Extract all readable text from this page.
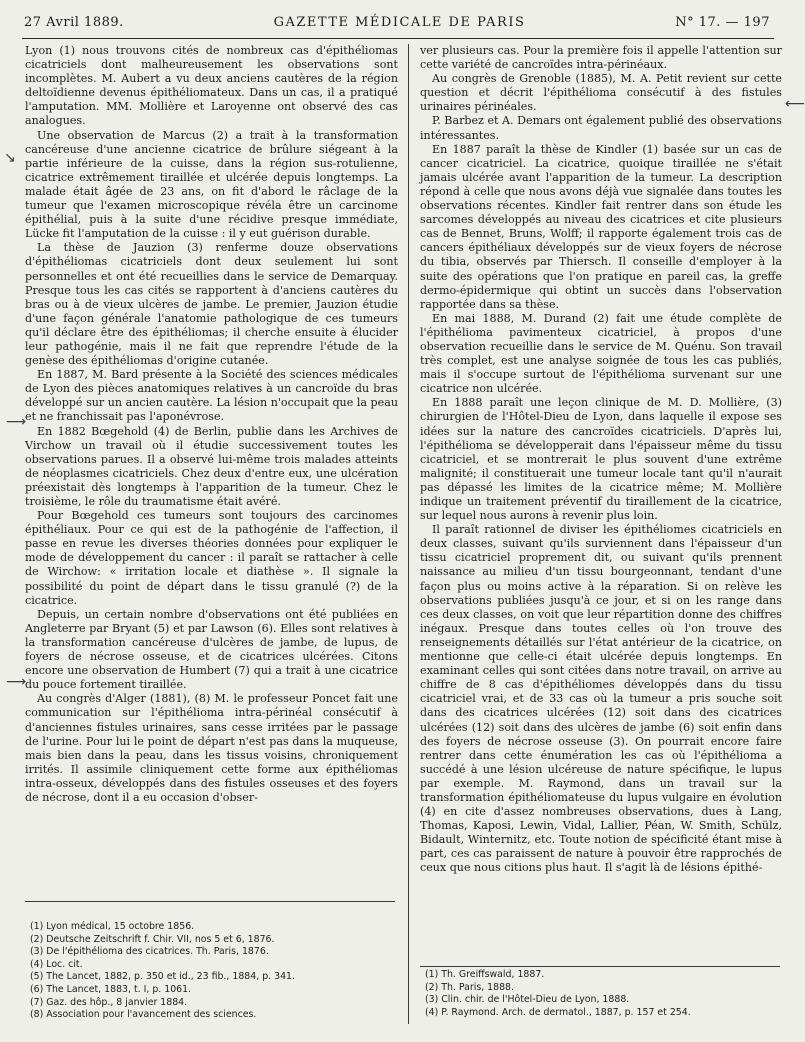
27 Avril 1889.	GAZETTE MÉDICALE DE PARIS	N° 17. — 197

Lyon (1) nous trouvons cités de nombreux cas d'épithéliomas cicatriciels dont malheureusement les observations sont incomplètes. M. Aubert a vu deux anciens cautères de la région deltoïdienne devenus épithéliomateux. Dans un cas, il a pratiqué l'amputation. MM. Mollière et Laroyenne ont observé des cas analogues.

Une observation de Marcus (2) a trait à la transformation cancéreuse d'une ancienne cicatrice de brûlure siégeant à la partie inférieure de la cuisse, dans la région sus-rotulienne, cicatrice extrêmement tiraillée et ulcérée depuis longtemps. La malade était âgée de 23 ans, on fit d'abord le râclage de la tumeur que l'examen microscopique révéla être un carcinome épithélial, puis à la suite d'une récidive presque immédiate, Lücke fit l'amputation de la cuisse : il y eut guérison durable.

La thèse de Jauzion (3) renferme douze observations d'épithéliomas cicatriciels dont deux seulement lui sont personnelles et ont été recueillies dans le service de Demarquay. Presque tous les cas cités se rapportent à d'anciens cautères du bras ou à de vieux ulcères de jambe. Le premier, Jauzion étudie d'une façon générale l'anatomie pathologique de ces tumeurs qu'il déclare être des épithéliomas; il cherche ensuite à élucider leur pathogénie, mais il ne fait que reprendre l'étude de la genèse des épithéliomas d'origine cutanée.

En 1887, M. Bard présente à la Société des sciences médicales de Lyon des pièces anatomiques relatives à un cancroïde du bras développé sur un ancien cautère. La lésion n'occupait que la peau et ne franchissait pas l'aponévrose.

En 1882 Bœgehold (4) de Berlin, publie dans les Archives de Virchow un travail où il étudie successivement toutes les observations parues. Il a observé lui-même trois malades atteints de néoplasmes cicatriciels. Chez deux d'entre eux, une ulcération préexistait dès longtemps à l'apparition de la tumeur. Chez le troisième, le rôle du traumatisme était avéré.

Pour Bœgehold ces tumeurs sont toujours des carcinomes épithéliaux. Pour ce qui est de la pathogénie de l'affection, il passe en revue les diverses théories données pour expliquer le mode de développement du cancer : il paraît se rattacher à celle de Wirchow: « irritation locale et diathèse ». Il signale la possibilité du point de départ dans le tissu granulé (?) de la cicatrice.

Depuis, un certain nombre d'observations ont été publiées en Angleterre par Bryant (5) et par Lawson (6). Elles sont relatives à la transformation cancéreuse d'ulcères de jambe, de lupus, de foyers de nécrose osseuse, et de cicatrices ulcérées. Citons encore une observation de Humbert (7) qui a trait à une cicatrice du pouce fortement tiraillée.

Au congrès d'Alger (1881), (8) M. le professeur Poncet fait une communication sur l'épithélioma intra-périnéal consécutif à d'anciennes fistules urinaires, sans cesse irritées par le passage de l'urine. Pour lui le point de départ n'est pas dans la muqueuse, mais bien dans la peau, dans les tissus voisins, chroniquement irrités. Il assimile cliniquement cette forme aux épithéliomas intra-osseux, développés dans des fistules osseuses et des foyers de nécrose, dont il a eu occasion d'obser-

ver plusieurs cas. Pour la première fois il appelle l'attention sur cette variété de cancroïdes intra-périnéaux.

Au congrès de Grenoble (1885), M. A. Petit revient sur cette question et décrit l'épithélioma consécutif à des fistules urinaires périnéales.

P. Barbez et A. Demars ont également publié des observations intéressantes.

En 1887 paraît la thèse de Kindler (1) basée sur un cas de cancer cicatriciel. La cicatrice, quoique tiraillée ne s'était jamais ulcérée avant l'apparition de la tumeur. La description répond à celle que nous avons déjà vue signalée dans toutes les observations récentes. Kindler fait rentrer dans son étude les sarcomes développés au niveau des cicatrices et cite plusieurs cas de Bennet, Bruns, Wolff; il rapporte également trois cas de cancers épithéliaux développés sur de vieux foyers de nécrose du tibia, observés par Thiersch. Il conseille d'employer à la suite des opérations que l'on pratique en pareil cas, la greffe dermo-épidermique qui obtint un succès dans l'observation rapportée dans sa thèse.

En mai 1888, M. Durand (2) fait une étude complète de l'épithélioma pavimenteux cicatriciel, à propos d'une observation recueillie dans le service de M. Quénu. Son travail très complet, est une analyse soignée de tous les cas publiés, mais il s'occupe surtout de l'épithélioma survenant sur une cicatrice non ulcérée.

En 1888 paraît une leçon clinique de M. D. Mollière, (3) chirurgien de l'Hôtel-Dieu de Lyon, dans laquelle il expose ses idées sur la nature des cancroïdes cicatriciels. D'après lui, l'épithélioma se développerait dans l'épaisseur même du tissu cicatriciel, et se montrerait le plus souvent d'une extrême malignité; il constituerait une tumeur locale tant qu'il n'aurait pas dépassé les limites de la cicatrice même; M. Mollière indique un traitement préventif du tiraillement de la cicatrice, sur lequel nous aurons à revenir plus loin.

Il paraît rationnel de diviser les épithéliomes cicatriciels en deux classes, suivant qu'ils surviennent dans l'épaisseur d'un tissu cicatriciel proprement dit, ou suivant qu'ils prennent naissance au milieu d'un tissu bourgeonnant, tendant d'une façon plus ou moins active à la réparation. Si on relève les observations publiées jusqu'à ce jour, et si on les range dans ces deux classes, on voit que leur répartition donne des chiffres inégaux. Presque dans toutes celles où l'on trouve des renseignements détaillés sur l'état antérieur de la cicatrice, on mentionne que celle-ci était ulcérée depuis longtemps. En examinant celles qui sont citées dans notre travail, on arrive au chiffre de 8 cas d'épithéliomes développés dans du tissu cicatriciel vrai, et de 33 cas où la tumeur a pris souche soit dans des cicatrices ulcérées (12) soit dans des cicatrices ulcérées (12) soit dans des ulcères de jambe (6) soit enfin dans des foyers de nécrose osseuse (3). On pourrait encore faire rentrer dans cette énumération les cas où l'épithélioma a succédé à une lésion ulcéreuse de nature spécifique, le lupus par exemple. M. Raymond, dans un travail sur la transformation épithéliomateuse du lupus vulgaire en évolution (4) en cite d'assez nombreuses observations, dues à Lang, Thomas, Kaposi, Lewin, Vidal, Lallier, Péan, W. Smith, Schülz, Bidault, Winternitz, etc. Toute notion de spécificité étant mise à part, ces cas paraissent de nature à pouvoir être rapprochés de ceux que nous citions plus haut. Il s'agit là de lésions épithé-

(1) Lyon médical, 15 octobre 1856.
(2) Deutsche Zeitschrift f. Chir. VII, nos 5 et 6, 1876.
(3) De l'épithélioma des cicatrices. Th. Paris, 1876.
(4) Loc. cit.
(5) The Lancet, 1882, p. 350 et id., 23 fib., 1884, p. 341.
(6) The Lancet, 1883, t. I, p. 1061.
(7) Gaz. des hôp., 8 janvier 1884.
(8) Association pour l'avancement des sciences.
(1) Th. Greiffswald, 1887.
(2) Th. Paris, 1888.
(3) Clin. chir. de l'Hôtel-Dieu de Lyon, 1888.
(4) P. Raymond. Arch. de dermatol., 1887, p. 157 et 254.
↘
⟶
⟶
⟵
